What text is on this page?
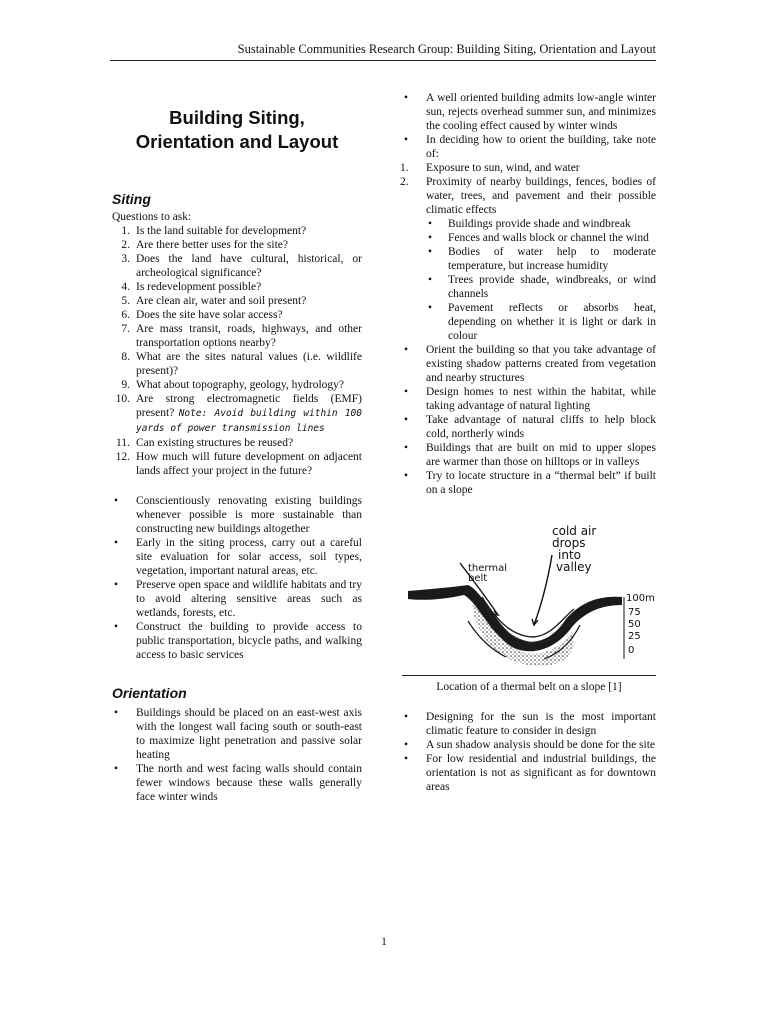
Sustainable Communities Research Group: Building Siting, Orientation and Layout
Building Siting,
Orientation and Layout
Siting
Questions to ask:
1. Is the land suitable for development?
2. Are there better uses for the site?
3. Does the land have cultural, historical, or archeological significance?
4. Is redevelopment possible?
5. Are clean air, water and soil present?
6. Does the site have solar access?
7. Are mass transit, roads, highways, and other transportation options nearby?
8. What are the sites natural values (i.e. wildlife present)?
9. What about topography, geology, hydrology?
10. Are strong electromagnetic fields (EMF) present? Note: Avoid building within 100 yards of power transmission lines
11. Can existing structures be reused?
12. How much will future development on adjacent lands affect your project in the future?
• Conscientiously renovating existing buildings whenever possible is more sustainable than constructing new buildings altogether
• Early in the siting process, carry out a careful site evaluation for solar access, soil types, vegetation, important natural areas, etc.
• Preserve open space and wildlife habitats and try to avoid altering sensitive areas such as wetlands, forests, etc.
• Construct the building to provide access to public transportation, bicycle paths, and walking access to basic services
Orientation
• Buildings should be placed on an east-west axis with the longest wall facing south or south-east to maximize light penetration and passive solar heating
• The north and west facing walls should contain fewer windows because these walls generally face winter winds
• A well oriented building admits low-angle winter sun, rejects overhead summer sun, and minimizes the cooling effect caused by winter winds
• In deciding how to orient the building, take note of:
1. Exposure to sun, wind, and water
2. Proximity of nearby buildings, fences, bodies of water, trees, and pavement and their possible climatic effects
• Buildings provide shade and windbreak
• Fences and walls block or channel the wind
• Bodies of water help to moderate temperature, but increase humidity
• Trees provide shade, windbreaks, or wind channels
• Pavement reflects or absorbs heat, depending on whether it is light or dark in colour
• Orient the building so that you take advantage of existing shadow patterns created from vegetation and nearby structures
• Design homes to nest within the habitat, while taking advantage of natural lighting
• Take advantage of natural cliffs to help block cold, northerly winds
• Buildings that are built on mid to upper slopes are warmer than those on hilltops or in valleys
• Try to locate structure in a “thermal belt” if built on a slope
cold air
drops
into
valley
thermal
belt
100m
75
50
25
0
Location of a thermal belt on a slope [1]
• Designing for the sun is the most important climatic feature to consider in design
• A sun shadow analysis should be done for the site
• For low residential and industrial buildings, the orientation is not as significant as for downtown areas
1
